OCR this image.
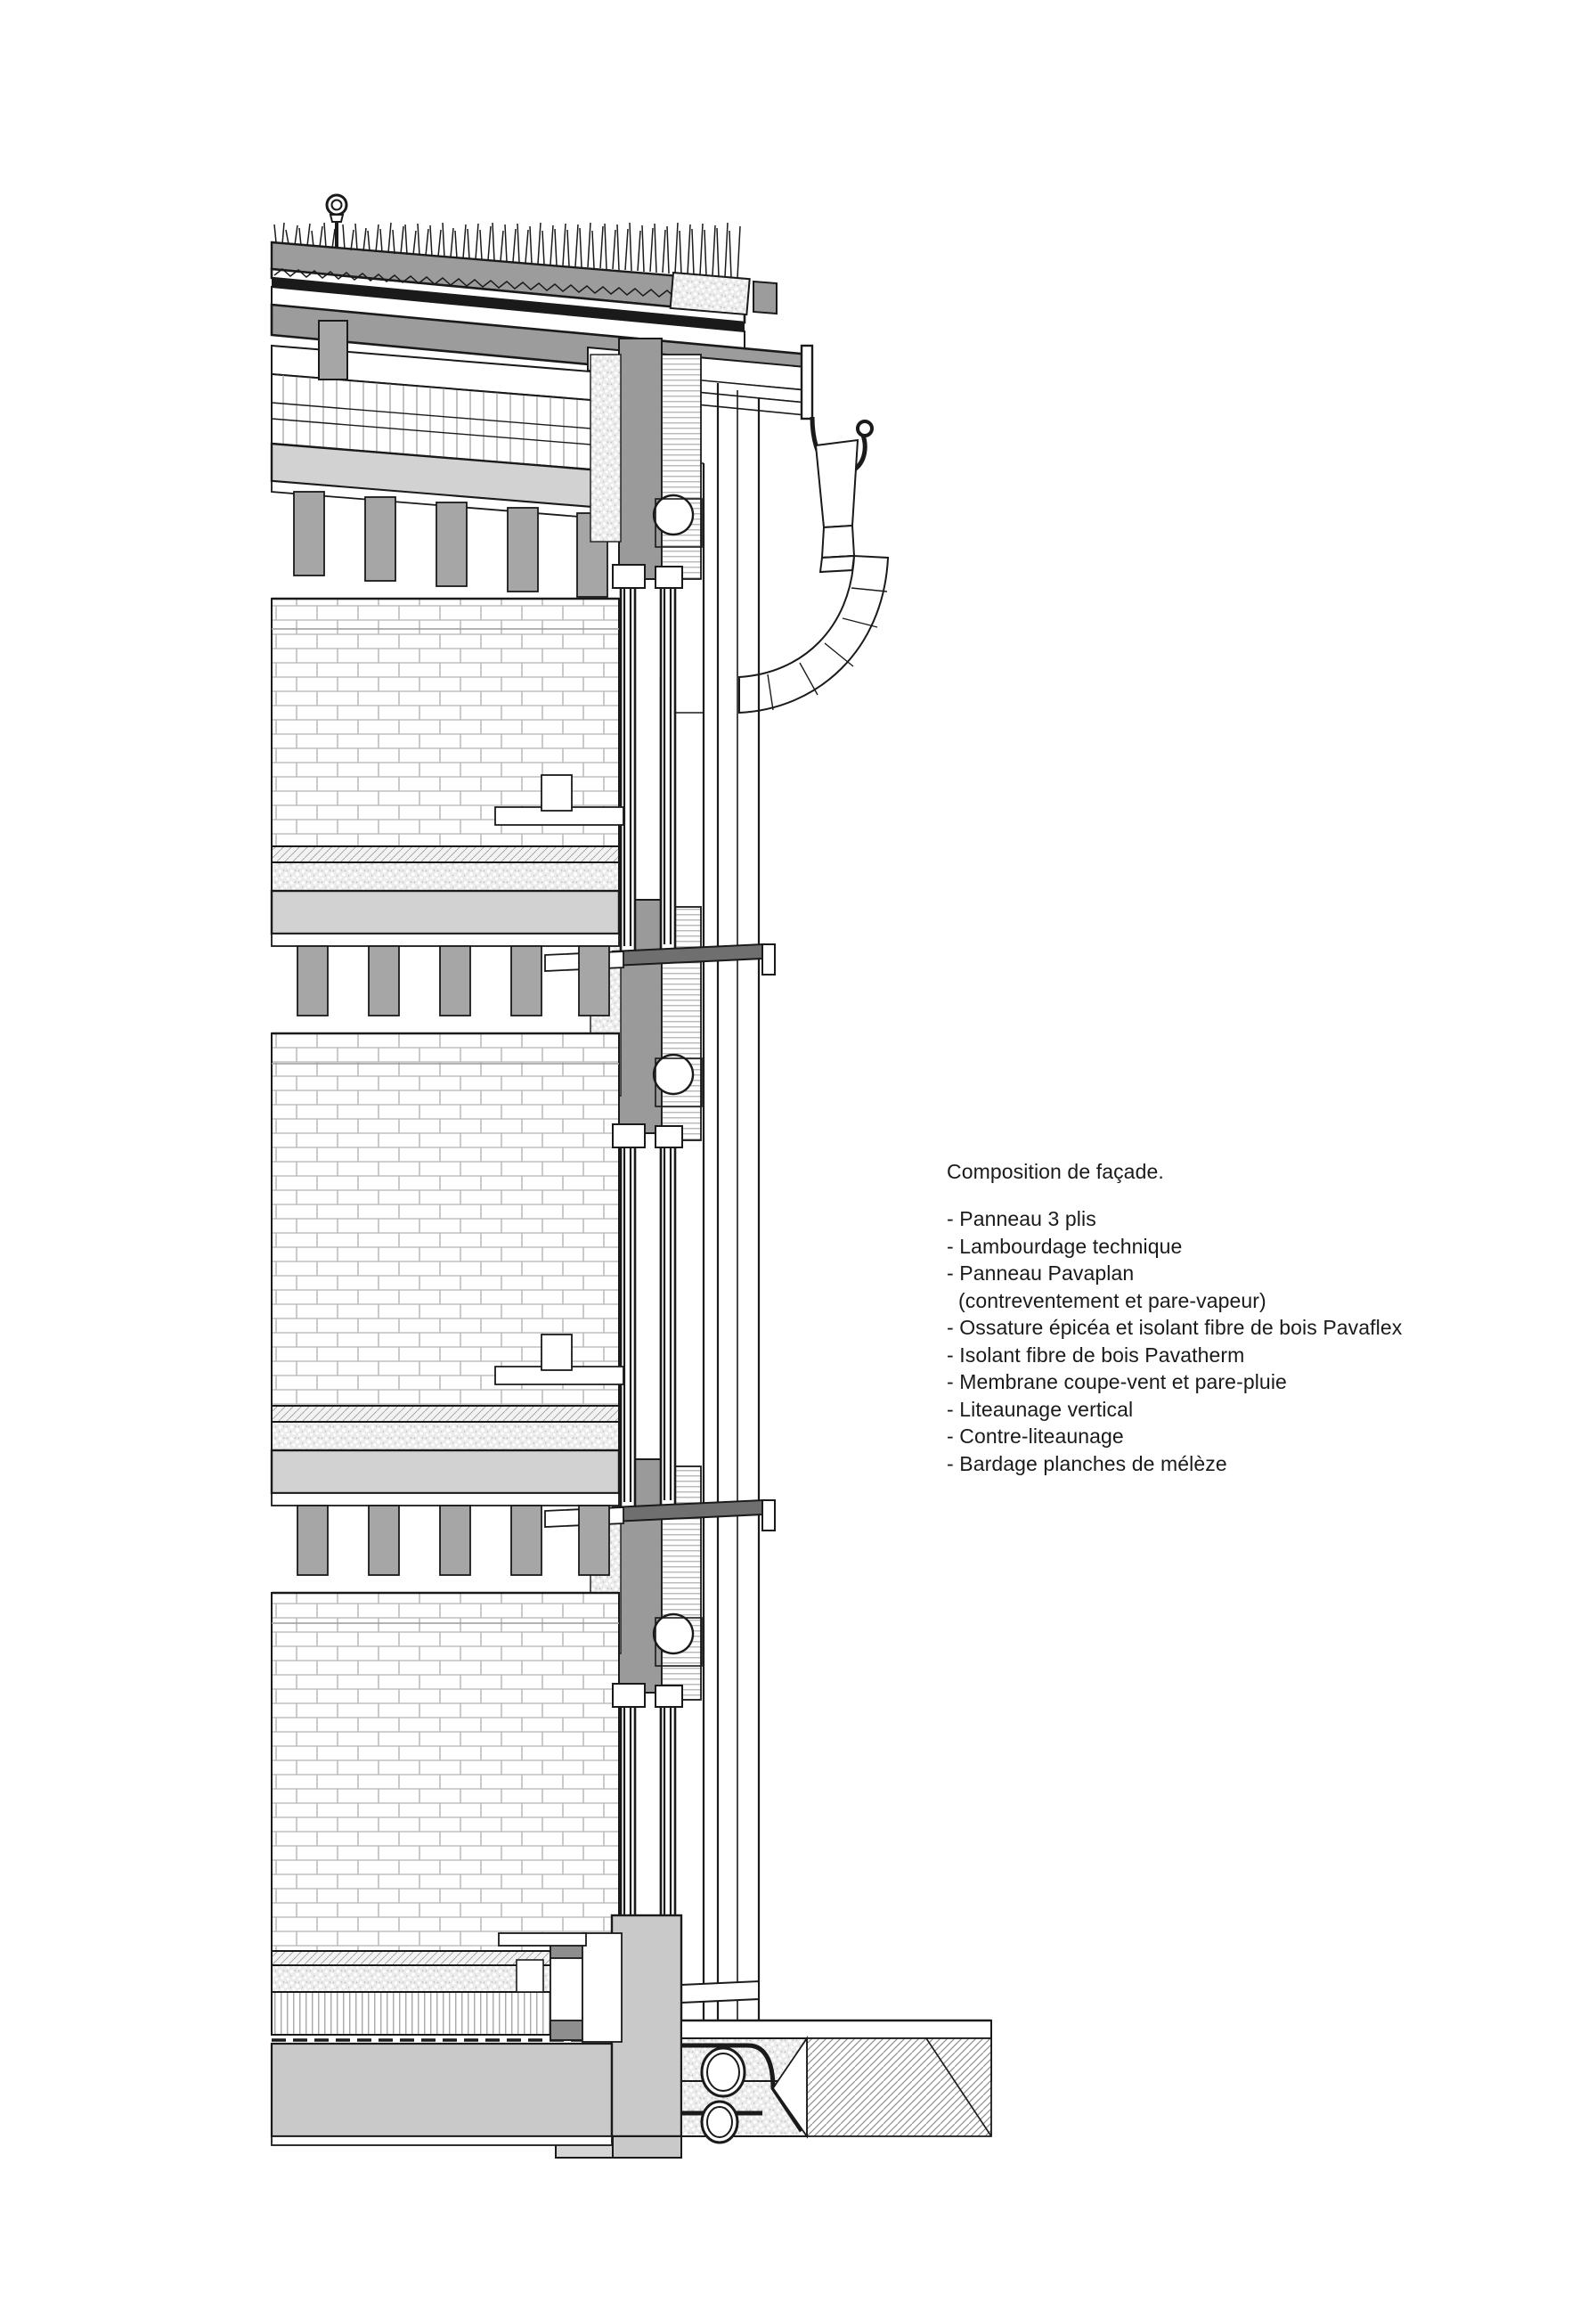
Composition de façade.
- Panneau 3 plis
- Lambourdage technique
- Panneau Pavaplan
(contreventement et pare-vapeur)
- Ossature épicéa et isolant fibre de bois Pavaflex
- Isolant fibre de bois Pavatherm
- Membrane coupe-vent et pare-pluie
- Liteaunage vertical
- Contre-liteaunage
- Bardage planches de mélèze
